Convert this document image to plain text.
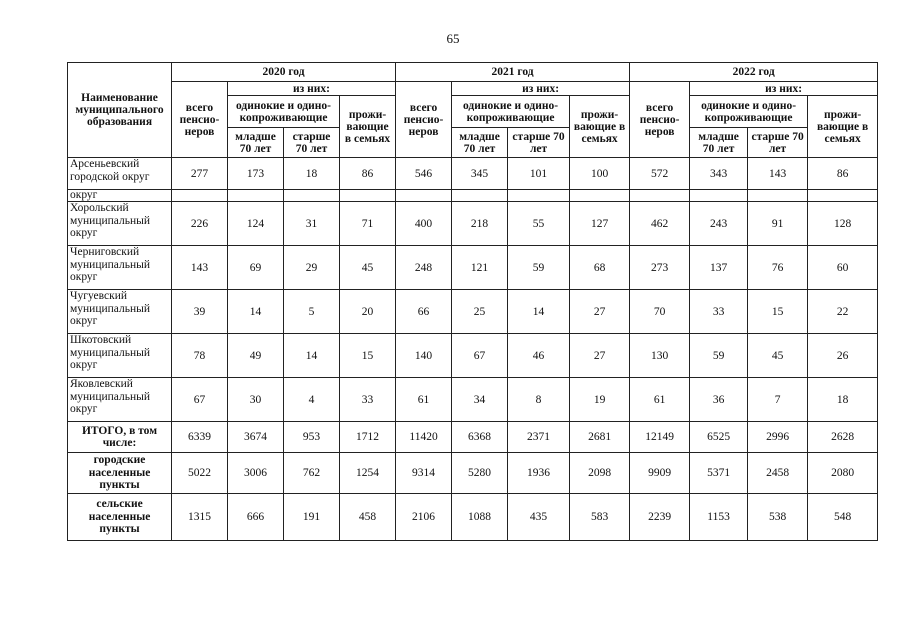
65
Наименование муниципального образования	2020 год				2021 год				2022 год			
	всего пенсио-неров	из них:			всего пенсио-неров	из них:			всего пенсио-неров	из них:		
		одинокие и одино-копроживающие		прожи-вающие в семьях		одинокие и одино-копроживающие		прожи-вающие в семьях		одинокие и одино-копроживающие		прожи-вающие в семьях
		младше 70 лет	старше 70 лет			младше 70 лет	старше 70 лет			младше 70 лет	старше 70 лет	
Арсеньевский городской округ	277	173	18	86	546	345	101	100	572	343	143	86
округ												
Хорольский муниципальный округ	226	124	31	71	400	218	55	127	462	243	91	128
Черниговский муниципальный округ	143	69	29	45	248	121	59	68	273	137	76	60
Чугуевский муниципальный округ	39	14	5	20	66	25	14	27	70	33	15	22
Шкотовский муниципальный округ	78	49	14	15	140	67	46	27	130	59	45	26
Яковлевский муниципальный округ	67	30	4	33	61	34	8	19	61	36	7	18
ИТОГО, в том числе:	6339	3674	953	1712	11420	6368	2371	2681	12149	6525	2996	2628
городские населенные пункты	5022	3006	762	1254	9314	5280	1936	2098	9909	5371	2458	2080
сельские населенные пункты	1315	666	191	458	2106	1088	435	583	2239	1153	538	548
